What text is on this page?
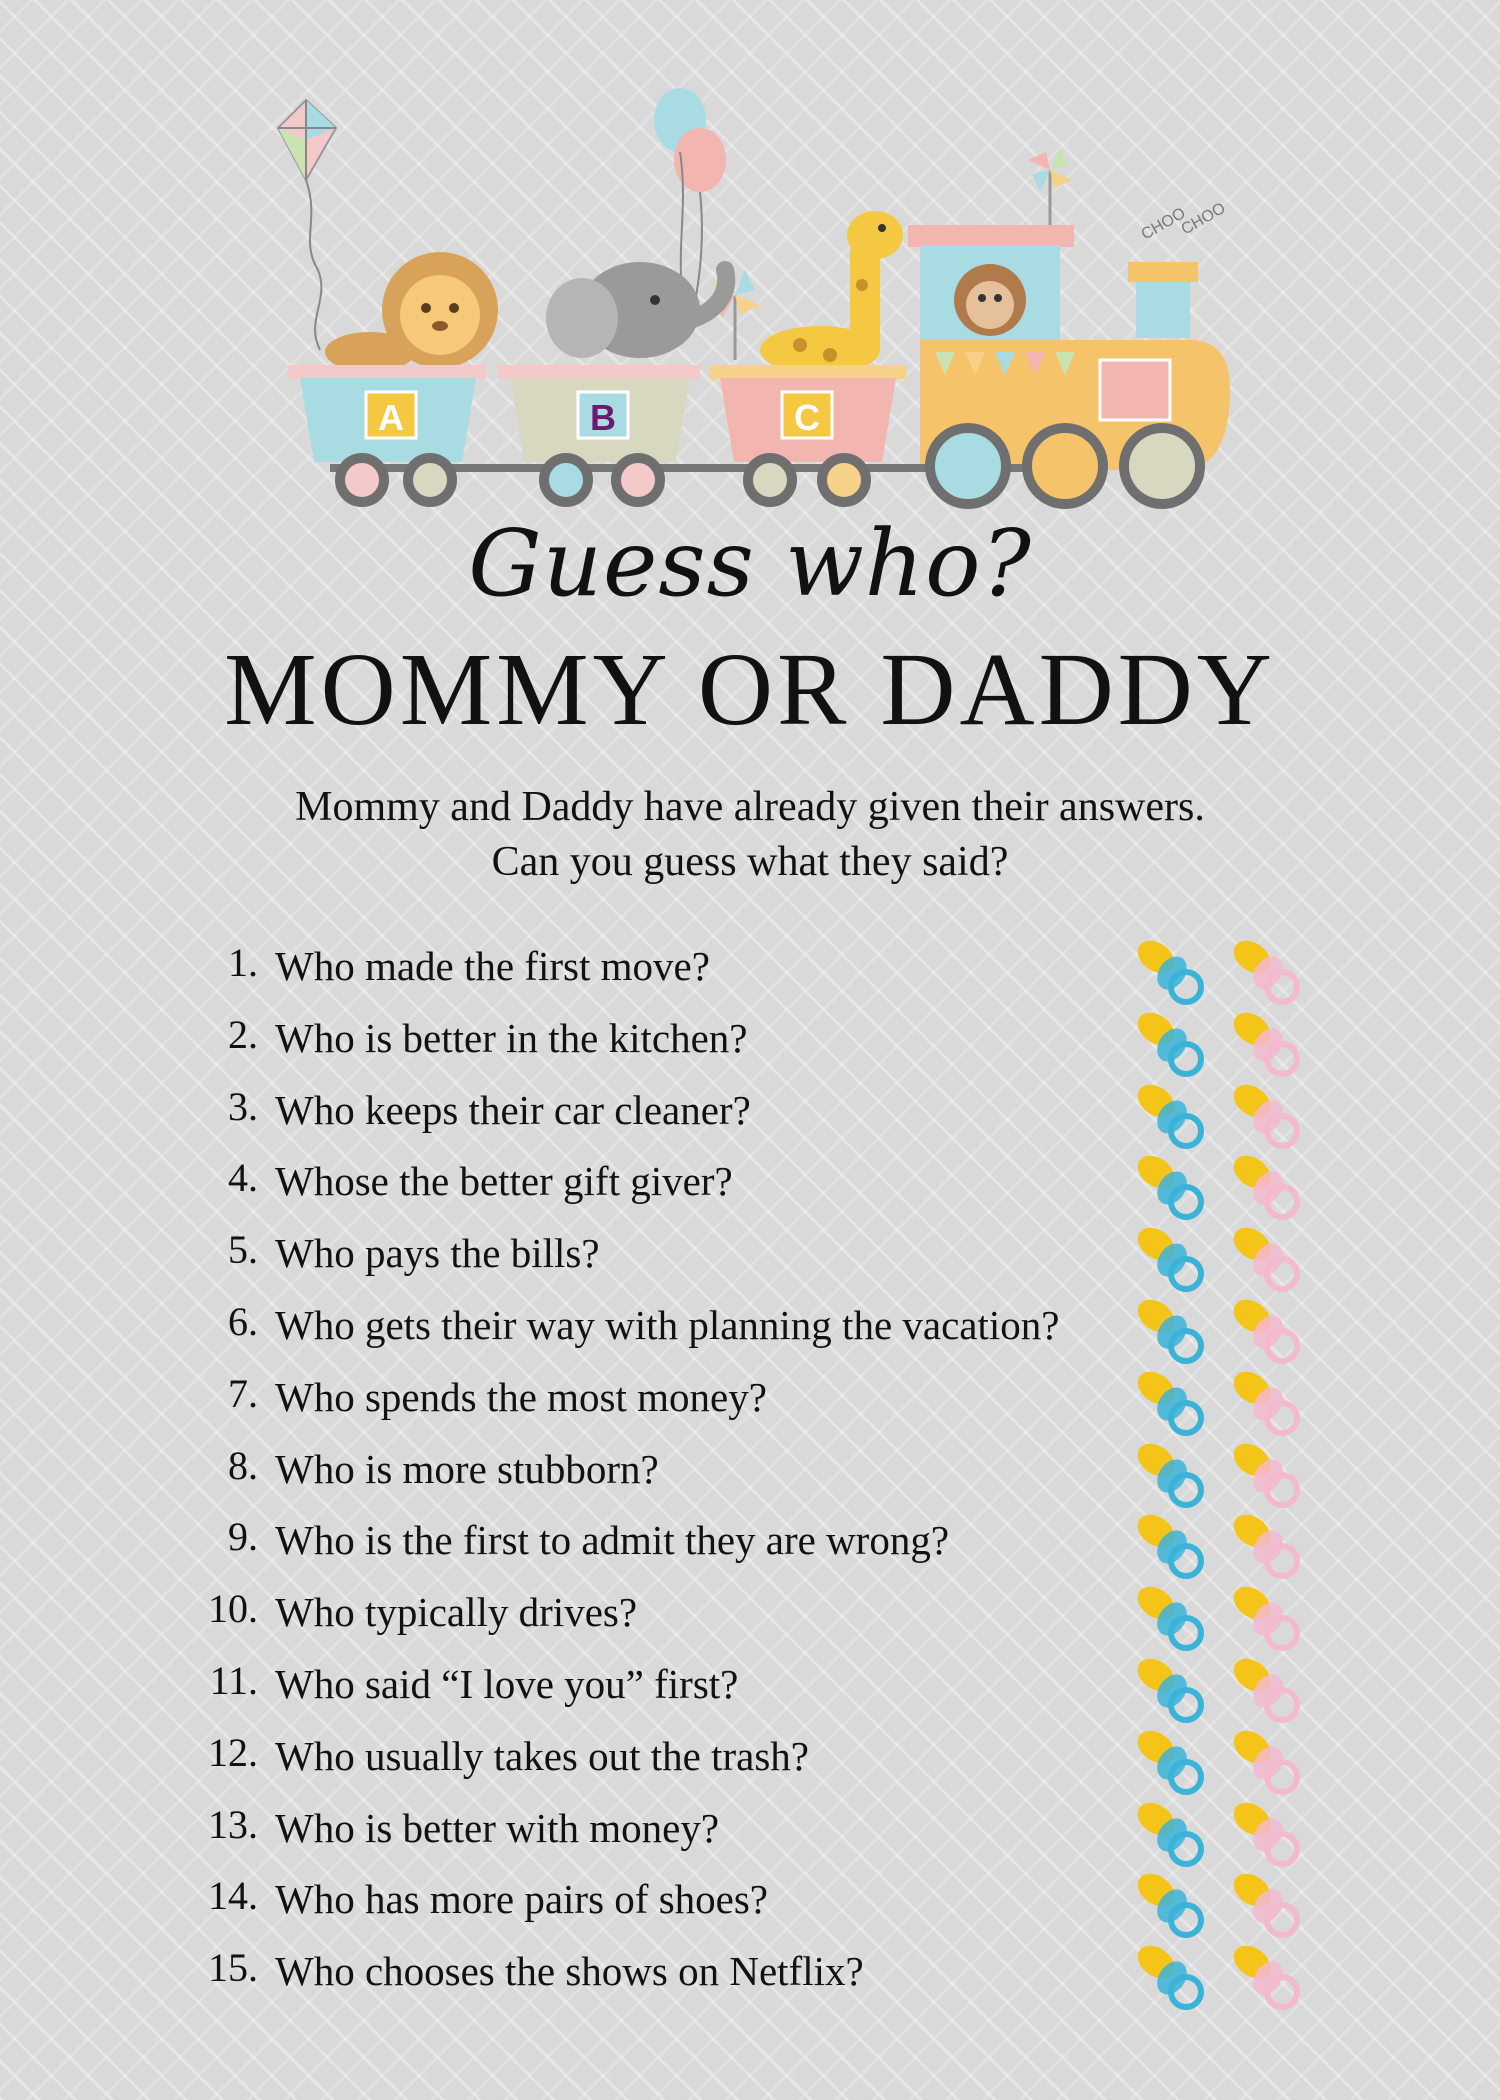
CHOO
CHOO
A	B	C
Guess who?
MOMMY OR DADDY
Mommy and Daddy have already given their answers.
Can you guess what they said?
1. Who made the first move?
2. Who is better in the kitchen?
3. Who keeps their car cleaner?
4. Whose the better gift giver?
5. Who pays the bills?
6. Who gets their way with planning the vacation?
7. Who spends the most money?
8. Who is more stubborn?
9. Who is the first to admit they are wrong?
10. Who typically drives?
11. Who said “I love you” first?
12. Who usually takes out the trash?
13. Who is better with money?
14. Who has more pairs of shoes?
15. Who chooses the shows on Netflix?
